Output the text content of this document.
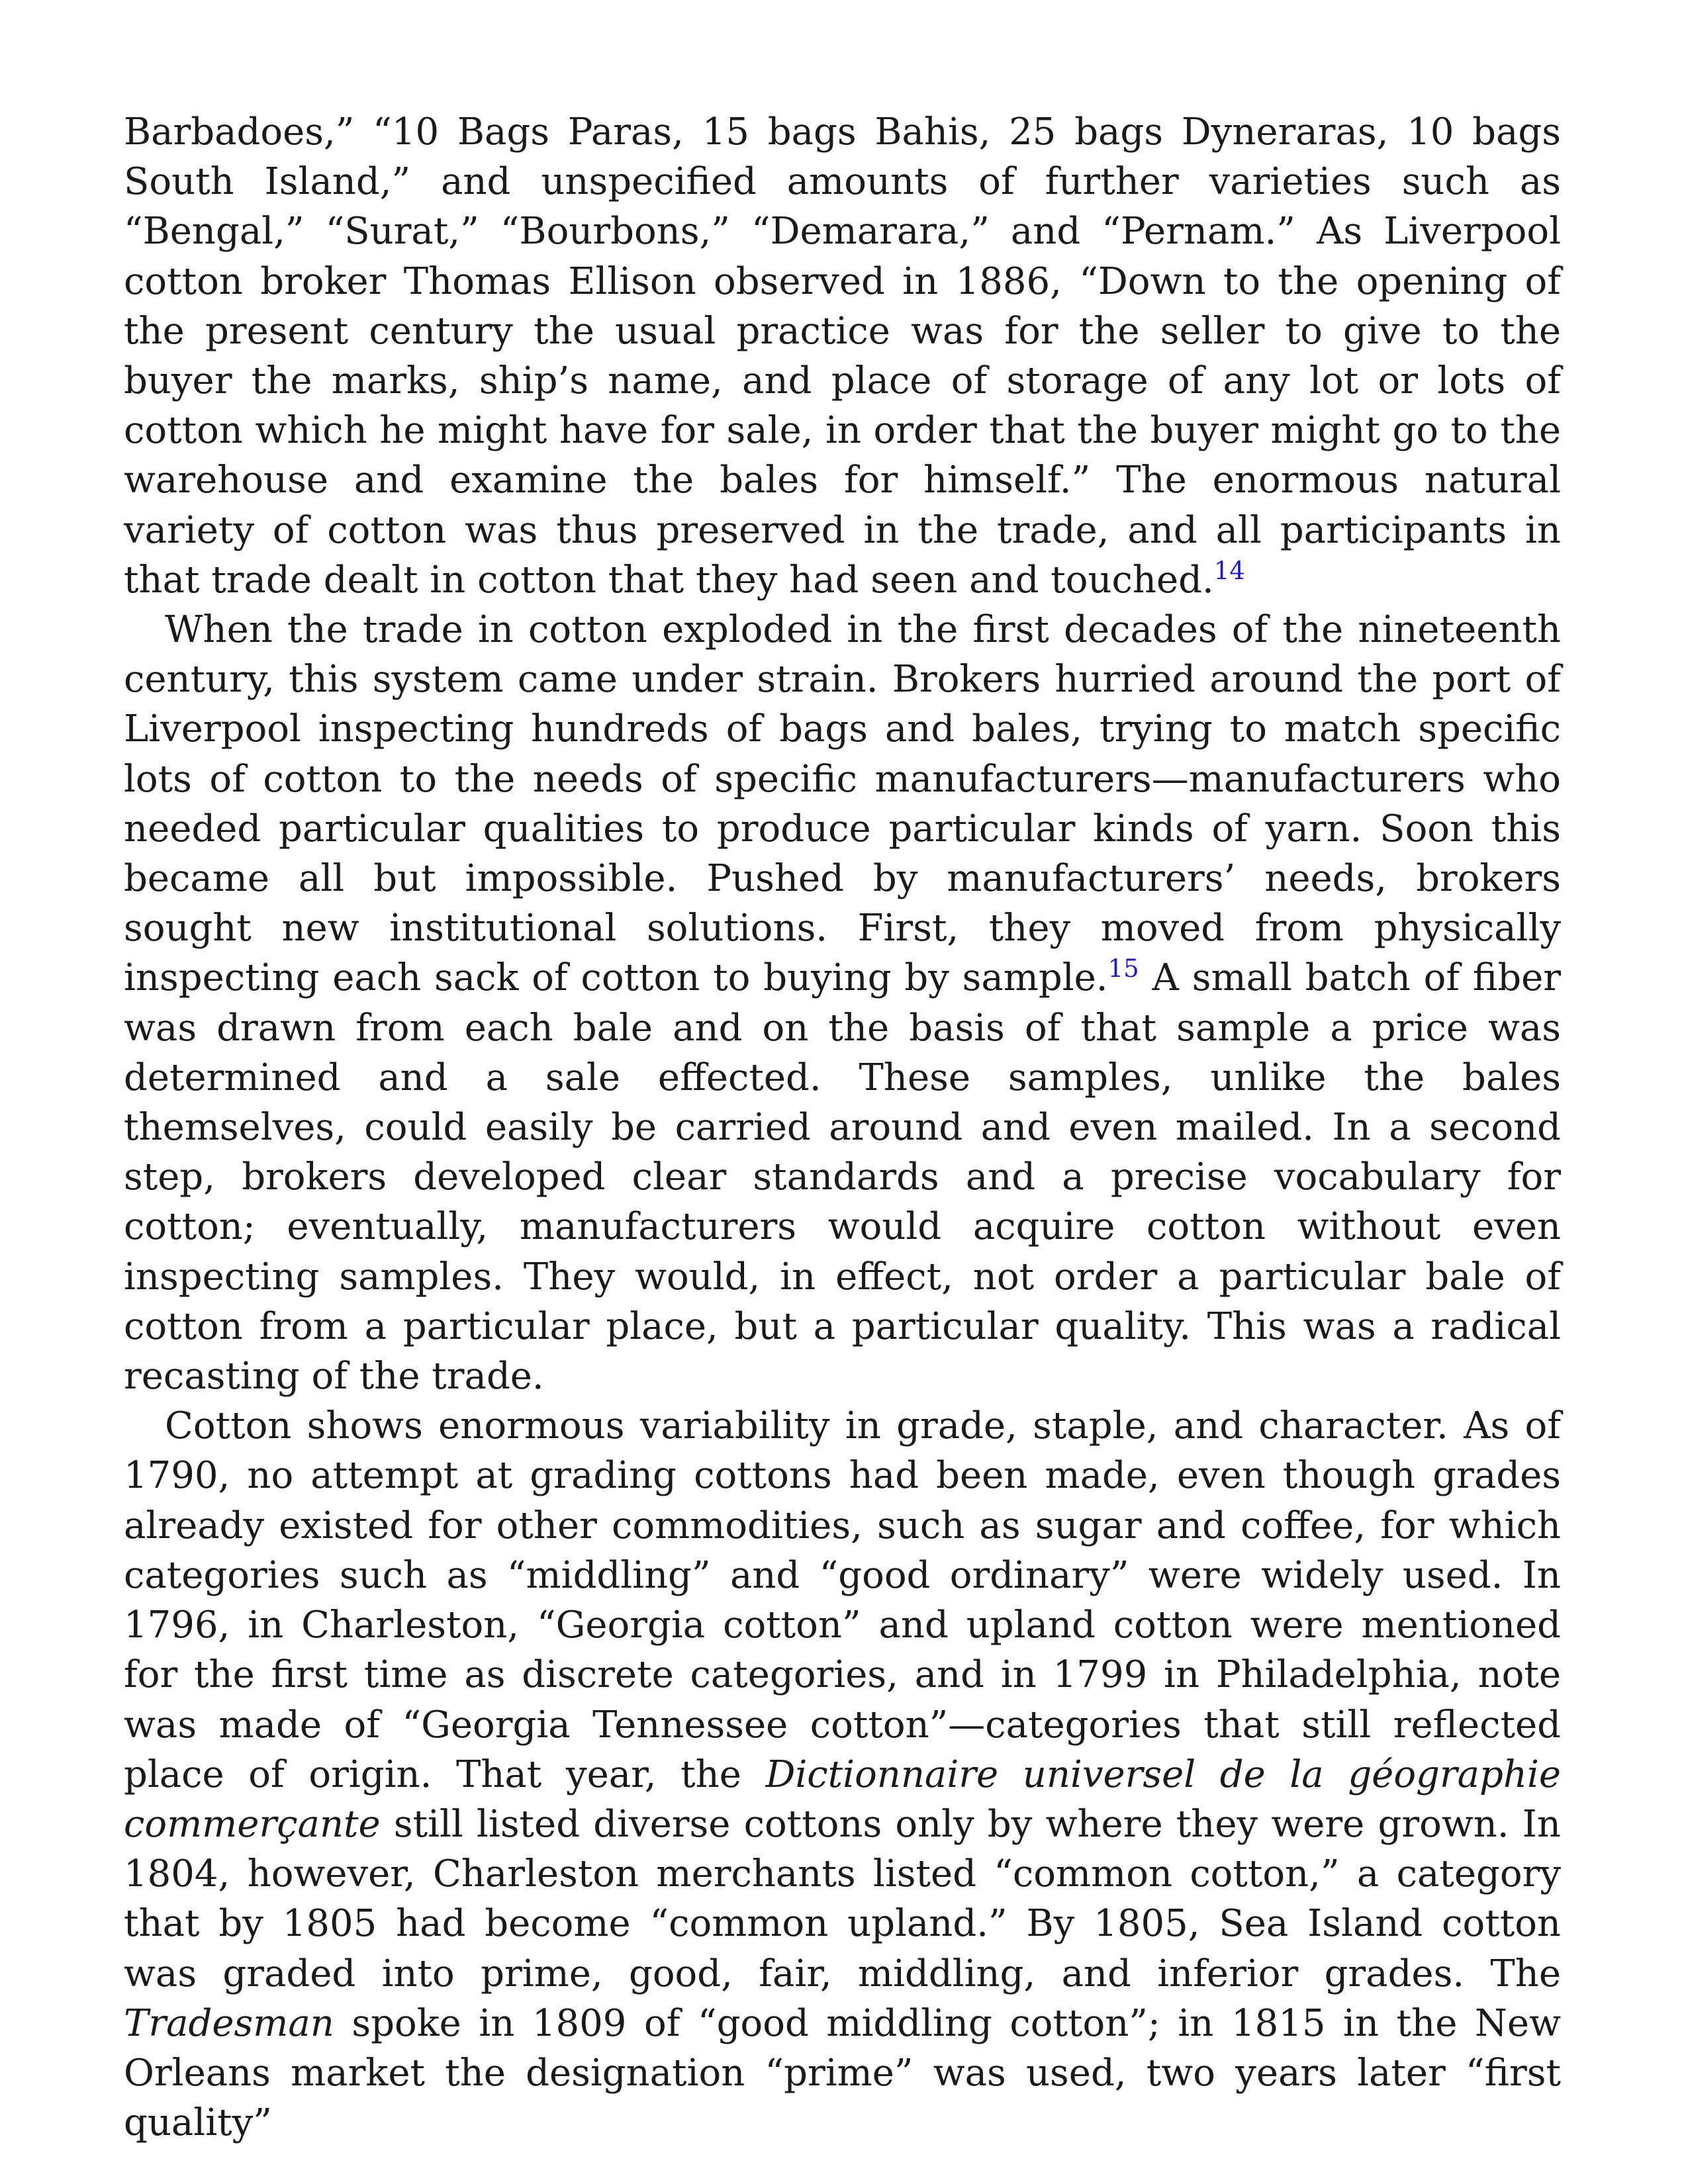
Barbadoes,” “10 Bags Paras, 15 bags Bahis, 25 bags Dyneraras, 10 bags South Island,” and unspecified amounts of further varieties such as “Bengal,” “Surat,” “Bourbons,” “Demarara,” and “Pernam.” As Liverpool cotton broker Thomas Ellison observed in 1886, “Down to the opening of the present century the usual practice was for the seller to give to the buyer the marks, ship’s name, and place of storage of any lot or lots of cotton which he might have for sale, in order that the buyer might go to the warehouse and examine the bales for himself.” The enormous natural variety of cotton was thus preserved in the trade, and all participants in that trade dealt in cotton that they had seen and touched.$^{14}$

When the trade in cotton exploded in the first decades of the nineteenth century, this system came under strain. Brokers hurried around the port of Liverpool inspecting hundreds of bags and bales, trying to match specific lots of cotton to the needs of specific manufacturers—manufacturers who needed particular qualities to produce particular kinds of yarn. Soon this became all but impossible. Pushed by manufacturers’ needs, brokers sought new institutional solutions. First, they moved from physically inspecting each sack of cotton to buying by sample.$^{15}$ A small batch of fiber was drawn from each bale and on the basis of that sample a price was determined and a sale effected. These samples, unlike the bales themselves, could easily be carried around and even mailed. In a second step, brokers developed clear standards and a precise vocabulary for cotton; eventually, manufacturers would acquire cotton without even inspecting samples. They would, in effect, not order a particular bale of cotton from a particular place, but a particular quality. This was a radical recasting of the trade.

Cotton shows enormous variability in grade, staple, and character. As of 1790, no attempt at grading cottons had been made, even though grades already existed for other commodities, such as sugar and coffee, for which categories such as “middling” and “good ordinary” were widely used. In 1796, in Charleston, “Georgia cotton” and upland cotton were mentioned for the first time as discrete categories, and in 1799 in Philadelphia, note was made of “Georgia Tennessee cotton”—categories that still reflected place of origin. That year, the Dictionnaire universel de la géographie commerçante still listed diverse cottons only by where they were grown. In 1804, however, Charleston merchants listed “common cotton,” a category that by 1805 had become “common upland.” By 1805, Sea Island cotton was graded into prime, good, fair, middling, and inferior grades. The Tradesman spoke in 1809 of “good middling cotton”; in 1815 in the New Orleans market the designation “prime” was used, two years later “first quality”
